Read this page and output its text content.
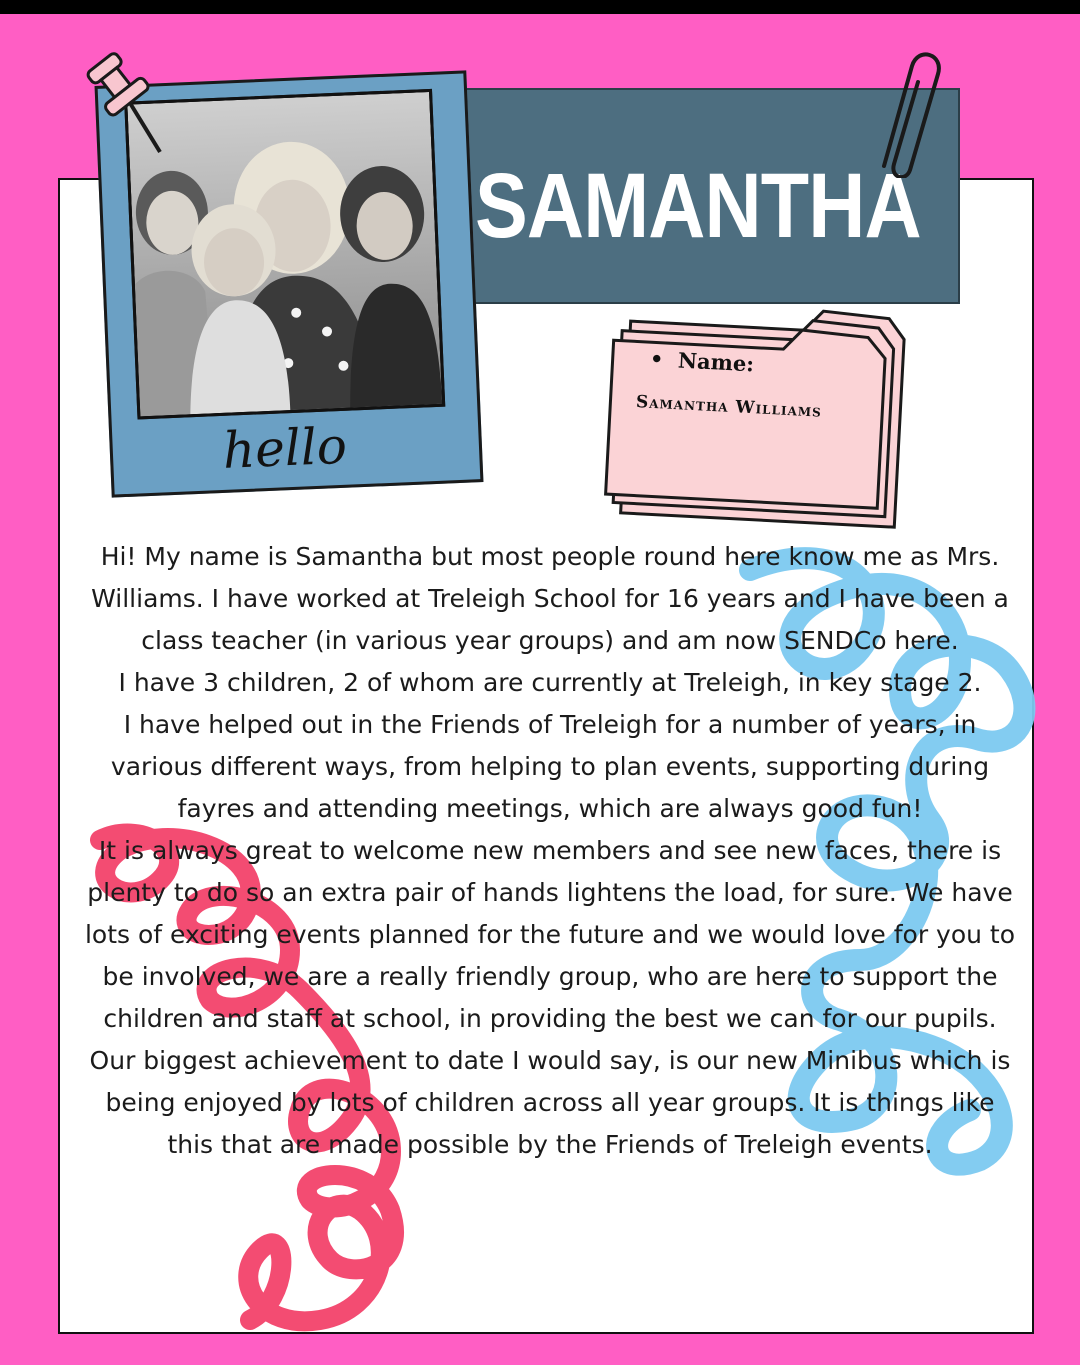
SAMANTHA
hello
• Name:
Samantha Williams

Hi! My name is Samantha but most people round here know me as Mrs. Williams. I have worked at Treleigh School for 16 years and I have been a class teacher (in various year groups) and am now SENDCo here.

I have 3 children, 2 of whom are currently at Treleigh, in key stage 2.

I have helped out in the Friends of Treleigh for a number of years, in various different ways, from helping to plan events, supporting during fayres and attending meetings, which are always good fun!

It is always great to welcome new members and see new faces, there is plenty to do so an extra pair of hands lightens the load, for sure. We have lots of exciting events planned for the future and we would love for you to be involved, we are a really friendly group, who are here to support the children and staff at school, in providing the best we can for our pupils.

Our biggest achievement to date I would say, is our new Minibus which is being enjoyed by lots of children across all year groups. It is things like this that are made possible by the Friends of Treleigh events.
